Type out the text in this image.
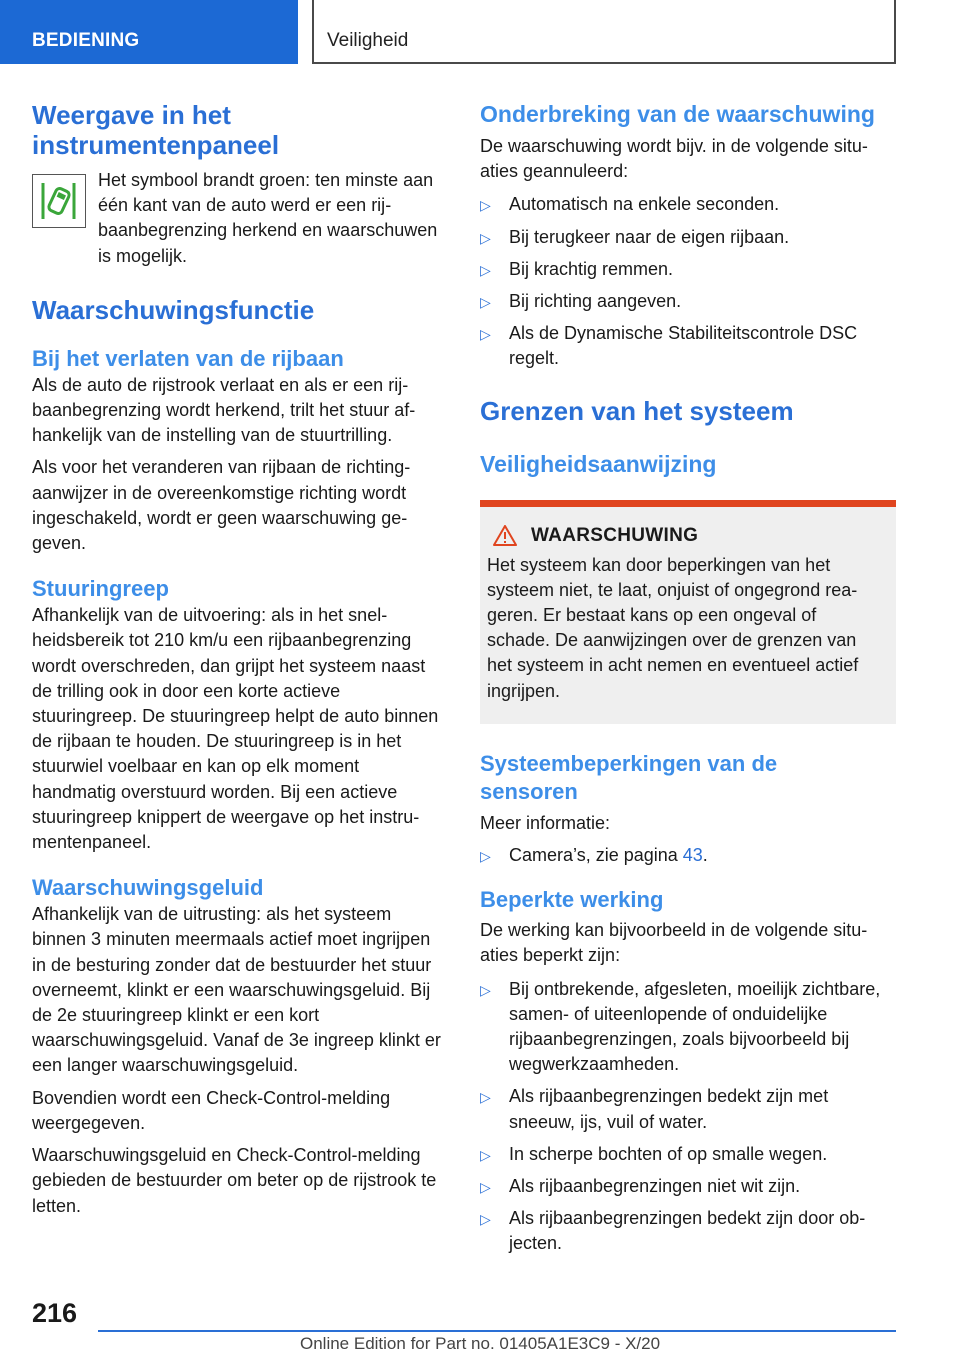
BEDIENING	Veiligheid
Weergave in het instrumentenpaneel

Het symbool brandt groen: ten minste aan één kant van de auto werd er een rijbaanbegrenzing herkend en waarschuwen is mogelijk.

Waarschuwingsfunctie
Bij het verlaten van de rijbaan

Als de auto de rijstrook verlaat en als er een rijbaanbegrenzing wordt herkend, trilt het stuur afhankelijk van de instelling van de stuurtrilling.

Als voor het veranderen van rijbaan de richtingaanwijzer in de overeenkomstige richting wordt ingeschakeld, wordt er geen waarschuwing gegeven.

Stuuringreep

Afhankelijk van de uitvoering: als in het snelheidsbereik tot 210 km/u een rijbaanbegrenzing wordt overschreden, dan grijpt het systeem naast de trilling ook in door een korte actieve stuuringreep. De stuuringreep helpt de auto binnen de rijbaan te houden. De stuuringreep is in het stuurwiel voelbaar en kan op elk moment handmatig overstuurd worden. Bij een actieve stuuringreep knippert de weergave op het instrumentenpaneel.

Waarschuwingsgeluid

Afhankelijk van de uitrusting: als het systeem binnen 3 minuten meermaals actief moet ingrijpen in de besturing zonder dat de bestuurder het stuur overneemt, klinkt er een waarschuwingsgeluid. Bij de 2e stuuringreep klinkt er een kort waarschuwingsgeluid. Vanaf de 3e ingreep klinkt er een langer waarschuwingsgeluid.

Bovendien wordt een Check-Control-melding weergegeven.

Waarschuwingsgeluid en Check-Control-melding gebieden de bestuurder om beter op de rijstrook te letten.

Onderbreking van de waarschuwing

De waarschuwing wordt bijv. in de volgende situaties geannuleerd:

▷ Automatisch na enkele seconden.
▷ Bij terugkeer naar de eigen rijbaan.
▷ Bij krachtig remmen.
▷ Bij richting aangeven.
▷ Als de Dynamische Stabiliteitscontrole DSC regelt.
Grenzen van het systeem
Veiligheidsaanwijzing
WAARSCHUWING

Het systeem kan door beperkingen van het systeem niet, te laat, onjuist of ongegrond reageren. Er bestaat kans op een ongeval of schade. De aanwijzingen over de grenzen van het systeem in acht nemen en eventueel actief ingrijpen.

Systeembeperkingen van de sensoren

Meer informatie:

▷ Camera’s, zie pagina 43.
Beperkte werking

De werking kan bijvoorbeeld in de volgende situaties beperkt zijn:

▷ Bij ontbrekende, afgesleten, moeilijk zichtbare, samen- of uiteenlopende of onduidelijke rijbaanbegrenzingen, zoals bijvoorbeeld bij wegwerkzaamheden.
▷ Als rijbaanbegrenzingen bedekt zijn met sneeuw, ijs, vuil of water.
▷ In scherpe bochten of op smalle wegen.
▷ Als rijbaanbegrenzingen niet wit zijn.
▷ Als rijbaanbegrenzingen bedekt zijn door objecten.
216
Online Edition for Part no. 01405A1E3C9 - X/20
